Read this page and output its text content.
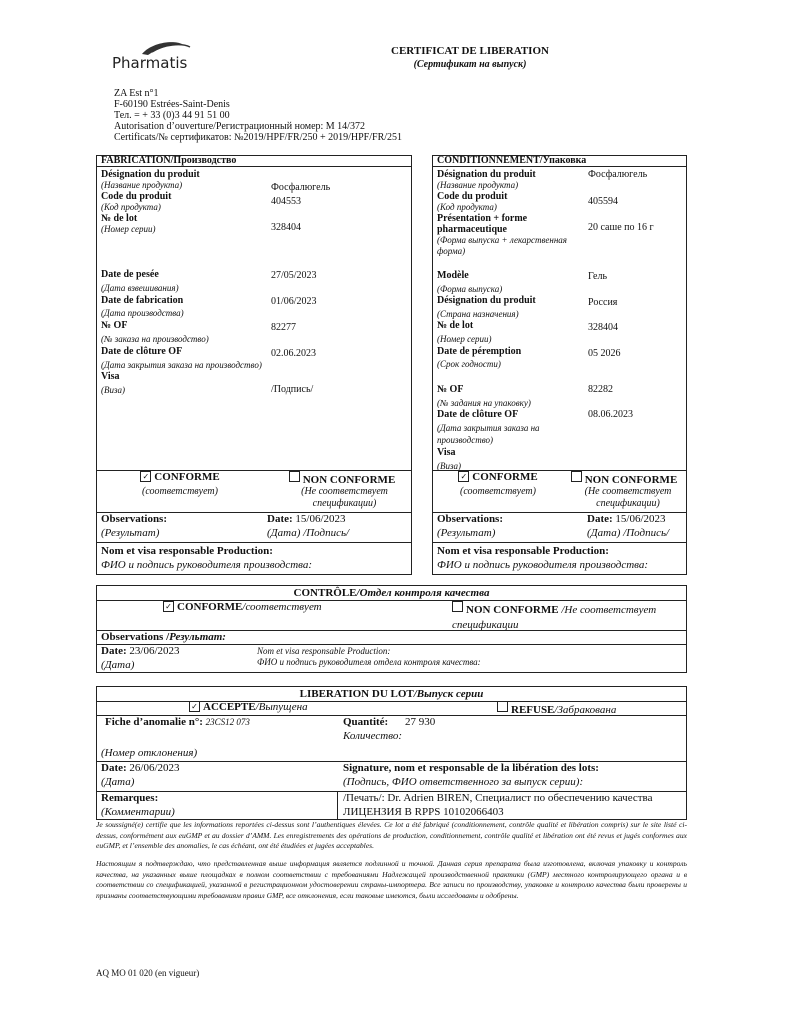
Pharmatis
CERTIFICAT DE LIBERATION
(Сертификат на выпуск)
ZA Est n°1
F-60190 Estrées-Saint-Denis
Тел. = + 33 (0)3 44 91 51 00
Autorisation d’ouverture/Регистрационный номер: M 14/372
Certificats/№ сертификатов: №2019/HPF/FR/250 + 2019/HPF/FR/251
FABRICATION/Производство
Désignation du produit
(Название продукта)
Code du produit
(Код продукта)
№ de lot
(Номер серии)
Date de pesée
(Дата взвешивания)
Date de fabrication
(Дата производства)
№ OF
(№ заказа на производство)
Date de clôture OF
(Дата закрытия заказа на производство)
Visa
(Виза)
Фосфалюгель
404553
328404
27/05/2023
01/06/2023
82277
02.06.2023
/Подпись/
✓ CONFORME
(соответствует)
NON CONFORME
(Не соответствует спецификации)
Observations:
(Результат)
Date: 15/06/2023
(Дата) /Подпись/
Nom et visa responsable Production:
ФИО и подпись руководителя производства:
CONDITIONNEMENT/Упаковка
Désignation du produit
(Название продукта)
Code du produit
(Код продукта)
Présentation + forme pharmaceutique
(Форма выпуска + лекарственная форма)
Modèle
(Форма выпуска)
Désignation du produit
(Страна назначения)
№ de lot
(Номер серии)
Date de péremption
(Срок годности)
№ OF
(№ задания на упаковку)
Date de clôture OF
(Дата закрытия заказа на производство)
Visa
(Виза)
Фосфалюгель
405594
20 саше по 16 г
Гель
Россия
328404
05 2026
82282
08.06.2023
✓ CONFORME
(соответствует)
NON CONFORME
(Не соответствует спецификации)
Observations:
(Результат)
Date: 15/06/2023
(Дата) /Подпись/
Nom et visa responsable Production:
ФИО и подпись руководителя производства:
CONTRÔLE/Отдел контроля качества
✓ CONFORME/соответствует	NON CONFORME /Не соответствует спецификации
Observations /Результат:
Date: 23/06/2023
(Дата)
Nom et visa responsable Production:
ФИО и подпись руководителя отдела контроля качества:
LIBERATION DU LOT/Выпуск серии
✓ ACCEPTE/Выпущена	REFUSE/Забракована
Fiche d’anomalie n°: 23CS12 073
(Номер отклонения)
Quantité: 27 930
Количество:
Date: 26/06/2023
(Дата)
Signature, nom et responsable de la libération des lots:
(Подпись, ФИО ответственного за выпуск серии):
Remarques:
(Комментарии)
/Печать/: Dr. Adrien BIREN, Специалист по обеспечению качества
ЛИЦЕНЗИЯ В RPPS 10102066403
Je soussigné(e) certifie que les informations reportées ci-dessus sont l’authentiques élevées. Ce lot a été fabriqué (conditionnement, contrôle qualité et libération compris) sur le site listé ci-dessus, conformément aux euGMP et au dossier d’AMM. Les enregistrements des opérations de production, conditionnement, contrôle qualité et libération ont été revus et jugés conformes aux euGMP, et l’ensemble des anomalies, le cas échéant, ont été étudiées et jugées acceptables.
Настоящим я подтверждаю, что представленная выше информация является подлинной и точной. Данная серия препарата была изготовлена, включая упаковку и контроль качества, на указанных выше площадках в полном соответствии с требованиями Надлежащей производственной практики (GMP) местного контролирующего органа и в соответствии со спецификацией, указанной в регистрационном удостоверении страны-импортера. Все записи по производству, упаковке и контролю качества были проверены и признаны соответствующими требованиям правил GMP, все отклонения, если таковые имеются, были исследованы и одобрены.
AQ MO 01 020 (en vigueur)
